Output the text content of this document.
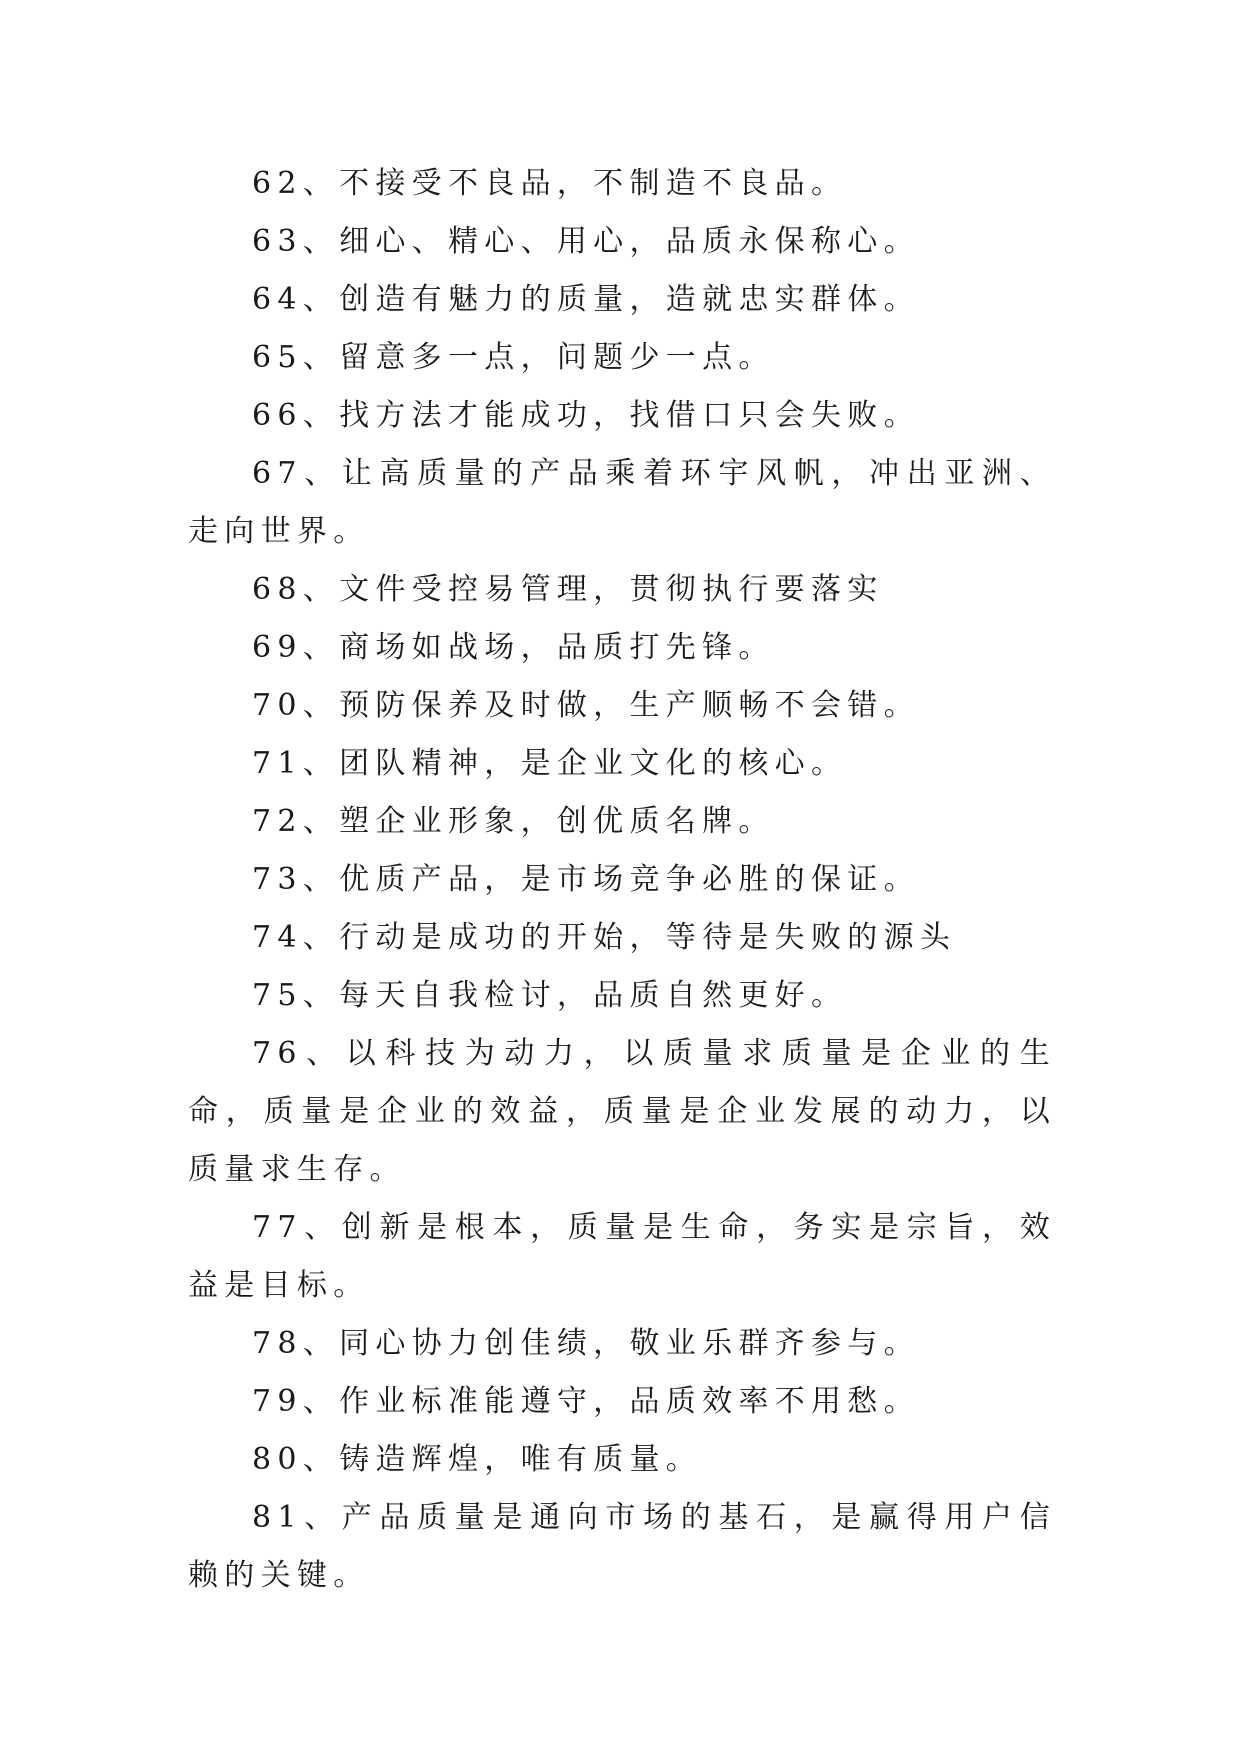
62、不接受不良品，不制造不良品。

63、细心、精心、用心，品质永保称心。

64、创造有魅力的质量，造就忠实群体。

65、留意多一点，问题少一点。

66、找方法才能成功，找借口只会失败。

67、让高质量的产品乘着环宇风帆，冲出亚洲、走向世界。

68、文件受控易管理，贯彻执行要落实

69、商场如战场，品质打先锋。

70、预防保养及时做，生产顺畅不会错。

71、团队精神，是企业文化的核心。

72、塑企业形象，创优质名牌。

73、优质产品，是市场竞争必胜的保证。

74、行动是成功的开始，等待是失败的源头

75、每天自我检讨，品质自然更好。

76、以科技为动力，以质量求质量是企业的生命，质量是企业的效益，质量是企业发展的动力，以质量求生存。

77、创新是根本，质量是生命，务实是宗旨，效益是目标。

78、同心协力创佳绩，敬业乐群齐参与。

79、作业标准能遵守，品质效率不用愁。

80、铸造辉煌，唯有质量。

81、产品质量是通向市场的基石，是赢得用户信赖的关键。
